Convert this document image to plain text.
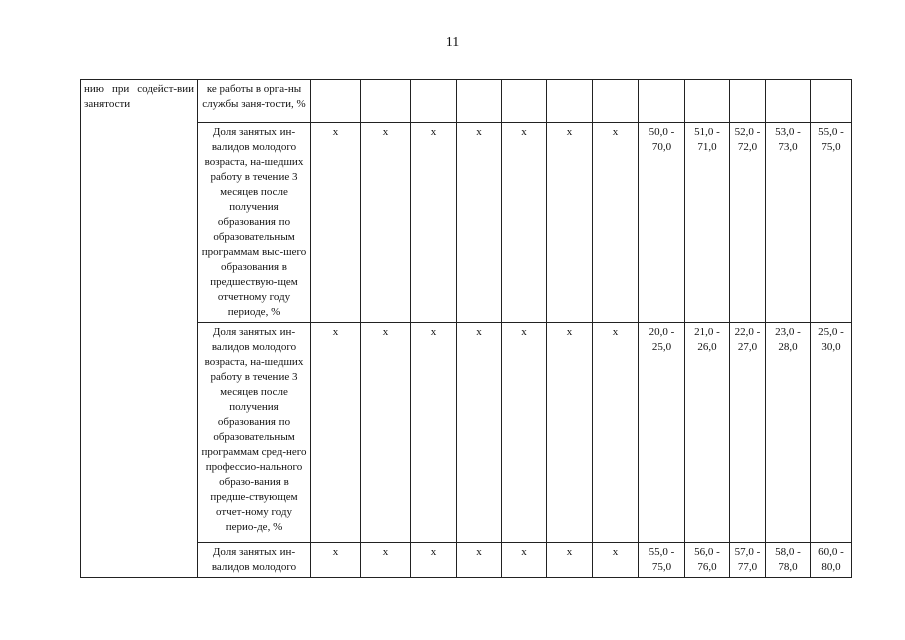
11
нию при содейст-вии занятости	ке работы в орга-ны службы заня-тости, %												
	Доля занятых ин-валидов молодого возраста, на-шедших работу в течение 3 месяцев после получения образования по образовательным программам выс-шего образования в предшествую-щем отчетному году периоде, %	x	x	x	x	x	x	x	50,0 - 70,0	51,0 - 71,0	52,0 - 72,0	53,0 - 73,0	55,0 - 75,0
	Доля занятых ин-валидов молодого возраста, на-шедших работу в течение 3 месяцев после получения образования по образовательным программам сред-него профессио-нального образо-вания в предше-ствующем отчет-ному году перио-де, %	x	x	x	x	x	x	x	20,0 - 25,0	21,0 - 26,0	22,0 - 27,0	23,0 - 28,0	25,0 - 30,0
	Доля занятых ин-валидов молодого	x	x	x	x	x	x	x	55,0 - 75,0	56,0 - 76,0	57,0 - 77,0	58,0 - 78,0	60,0 - 80,0
